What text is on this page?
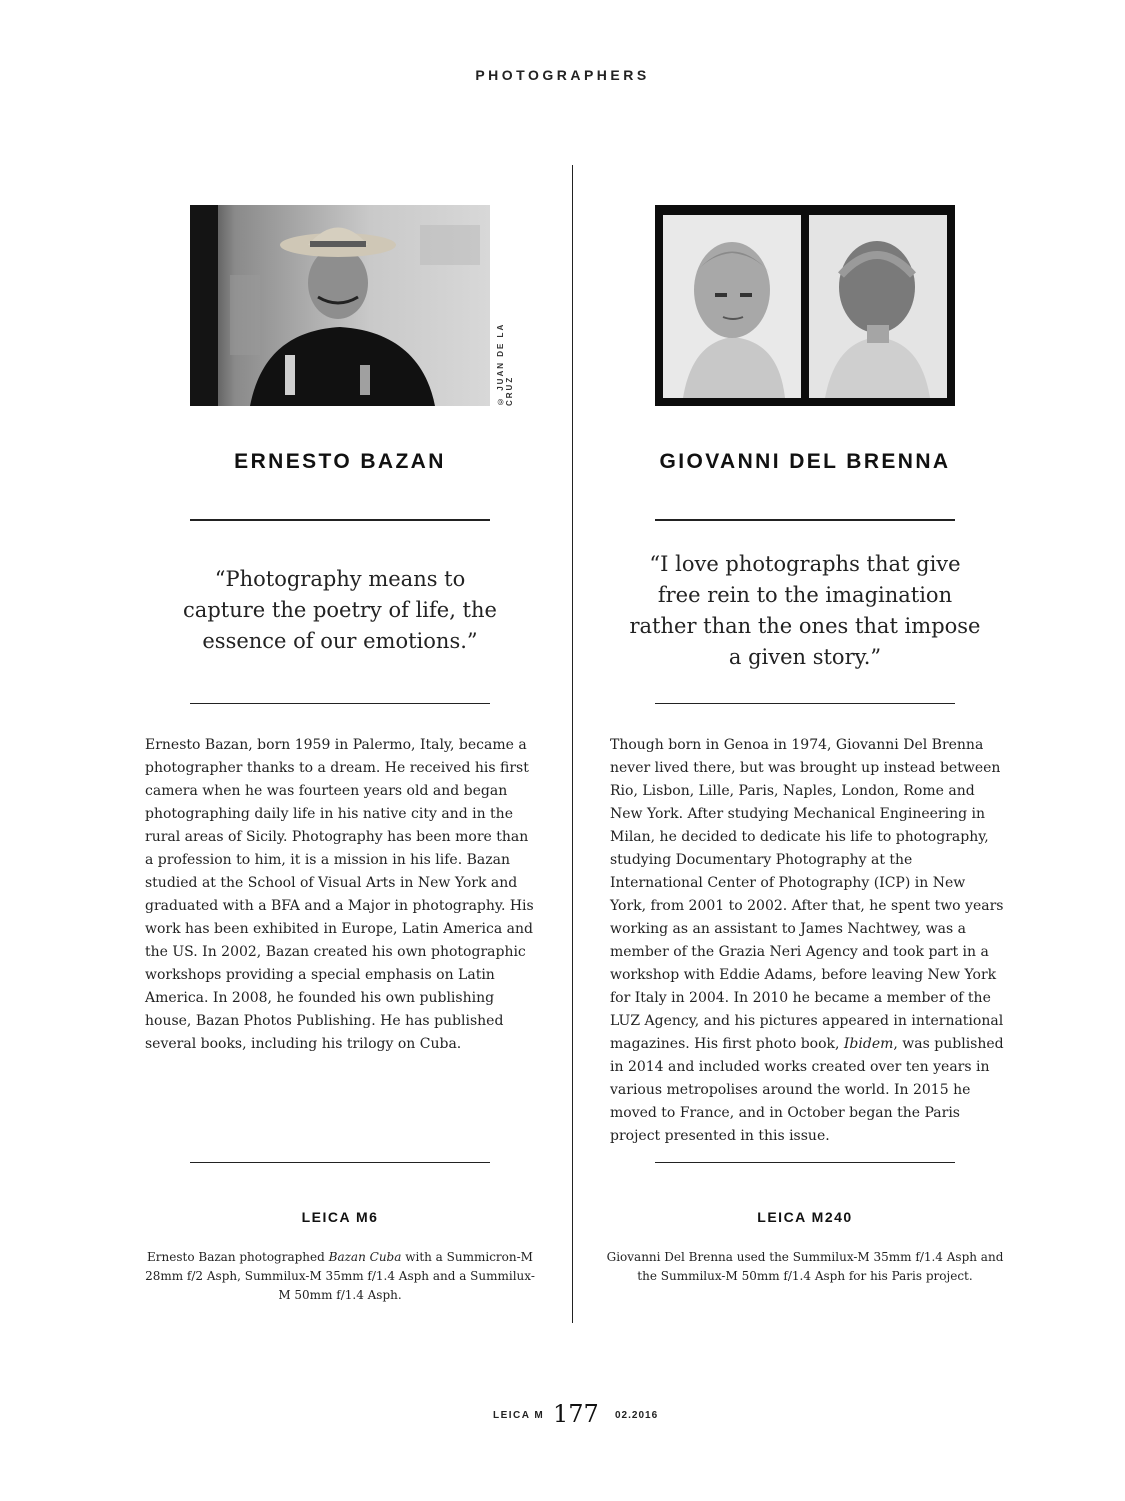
PHOTOGRAPHERS
© JUAN DE LA CRUZ
ERNESTO BAZAN
“Photography means to
capture the poetry of life, the
essence of our emotions.”

Ernesto Bazan, born 1959 in Palermo, Italy, became a photographer thanks to a dream. He received his first camera when he was fourteen years old and began photographing daily life in his native city and in the rural areas of Sicily. Photography has been more than a profession to him, it is a mission in his life. Bazan studied at the School of Visual Arts in New York and graduated with a BFA and a Major in photography. His work has been exhibited in Europe, Latin America and the US. In 2002, Bazan created his own photographic workshops providing a special emphasis on Latin America. In 2008, he founded his own publishing house, Bazan Photos Publishing. He has published several books, including his trilogy on Cuba.

LEICA M6
Ernesto Bazan photographed Bazan Cuba with a Summicron-M 28mm f/2 Asph, Summilux-M 35mm f/1.4 Asph and a Summilux-M 50mm f/1.4 Asph.
GIOVANNI DEL BRENNA
“I love photographs that give
free rein to the imagination
rather than the ones that impose
a given story.”

Though born in Genoa in 1974, Giovanni Del Brenna never lived there, but was brought up instead between Rio, Lisbon, Lille, Paris, Naples, London, Rome and New York. After studying Mechanical Engineering in Milan, he decided to dedicate his life to photography, studying Documentary Photography at the International Center of Photography (ICP) in New York, from 2001 to 2002. After that, he spent two years working as an assistant to James Nachtwey, was a member of the Grazia Neri Agency and took part in a workshop with Eddie Adams, before leaving New York for Italy in 2004. In 2010 he became a member of the LUZ Agency, and his pictures appeared in international magazines. His first photo book, Ibidem, was published in 2014 and included works created over ten years in various metropolises around the world. In 2015 he moved to France, and in October began the Paris project presented in this issue.

LEICA M240
Giovanni Del Brenna used the Summilux-M 35mm f/1.4 Asph and the Summilux-M 50mm f/1.4 Asph for his Paris project.
LEICA M 177 02.2016
